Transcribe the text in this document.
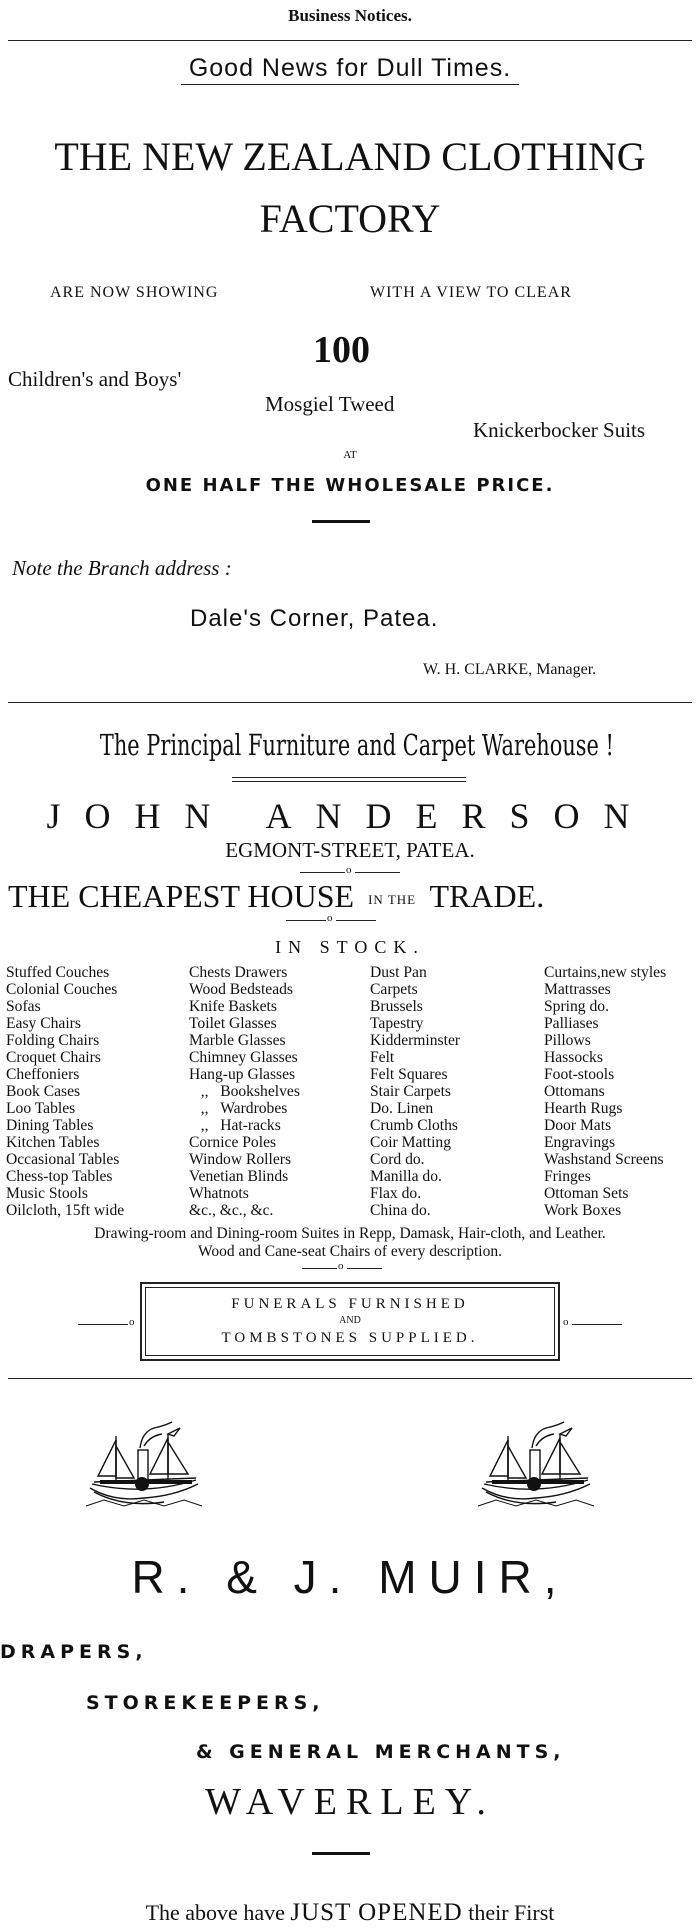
Business Notices.
Good News for Dull Times.
THE NEW ZEALAND CLOTHING
FACTORY
ARE NOW SHOWING	WITH A VIEW TO CLEAR
100
Children's and Boys'
Mosgiel Tweed
Knickerbocker Suits
AT
ONE HALF THE WHOLESALE PRICE.
Note the Branch address :
Dale's Corner, Patea.
W. H. CLARKE, Manager.
The Principal Furniture and Carpet Warehouse !
JOHN ANDERSON
EGMONT-STREET, PATEA.
o
THE CHEAPEST HOUSE IN THE TRADE.
o
IN STOCK.
Stuffed Couches
Colonial Couches
Sofas
Easy Chairs
Folding Chairs
Croquet Chairs
Cheffoniers
Book Cases
Loo Tables
Dining Tables
Kitchen Tables
Occasional Tables
Chess-top Tables
Music Stools
Oilcloth, 15ft wide
Chests Drawers
Wood Bedsteads
Knife Baskets
Toilet Glasses
Marble Glasses
Chimney Glasses
Hang-up Glasses
,,   Bookshelves
,,   Wardrobes
,,   Hat-racks
Cornice Poles
Window Rollers
Venetian Blinds
Whatnots
&c., &c., &c.
Dust Pan
Carpets
Brussels
Tapestry
Kidderminster
Felt
Felt Squares
Stair Carpets
Do. Linen
Crumb Cloths
Coir Matting
Cord do.
Manilla do.
Flax do.
China do.
Curtains,new styles
Mattrasses
Spring do.
Palliases
Pillows
Hassocks
Foot-stools
Ottomans
Hearth Rugs
Door Mats
Engravings
Washstand Screens
Fringes
Ottoman Sets
Work Boxes
Drawing-room and Dining-room Suites in Repp, Damask, Hair-cloth, and Leather.
Wood and Cane-seat Chairs of every description.
o
o
FUNERALS FURNISHED
AND
TOMBSTONES SUPPLIED.
o
R. & J. MUIR,
DRAPERS,
STOREKEEPERS,
& GENERAL MERCHANTS,
WAVERLEY.
The above have JUST OPENED their First
